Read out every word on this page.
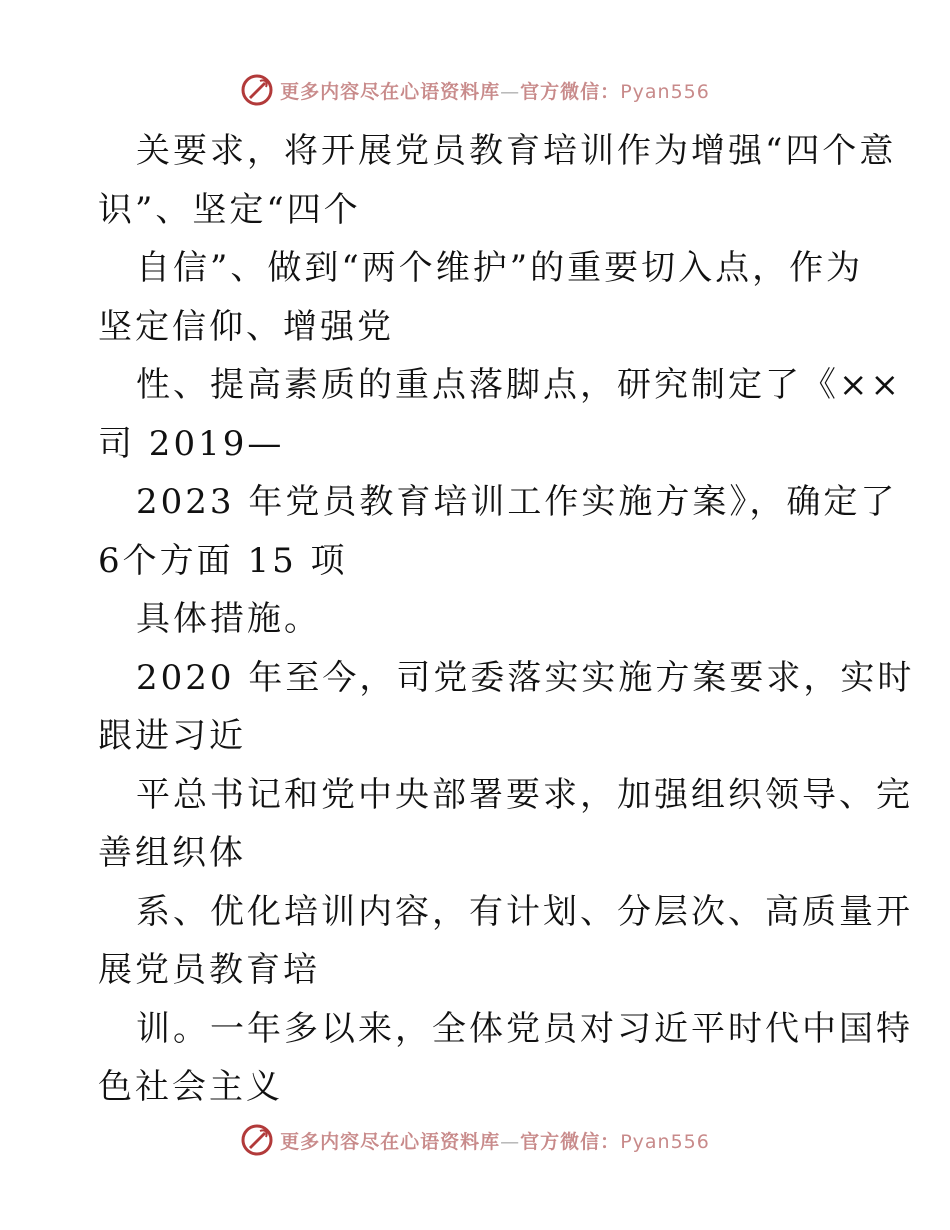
更多内容尽在心语资料库—官方微信：Pyan556
关要求，将开展党员教育培训作为增强“四个意
识”、坚定“四个
自信”、做到“两个维护”的重要切入点，作为
坚定信仰、增强党
性、提高素质的重点落脚点，研究制定了《××
司 2019—
2023 年党员教育培训工作实施方案》，确定了
6个方面 15 项
具体措施。
2020 年至今，司党委落实实施方案要求，实时
跟进习近
平总书记和党中央部署要求，加强组织领导、完
善组织体
系、优化培训内容，有计划、分层次、高质量开
展党员教育培
训。一年多以来，全体党员对习近平时代中国特
色社会主义
更多内容尽在心语资料库—官方微信：Pyan556
